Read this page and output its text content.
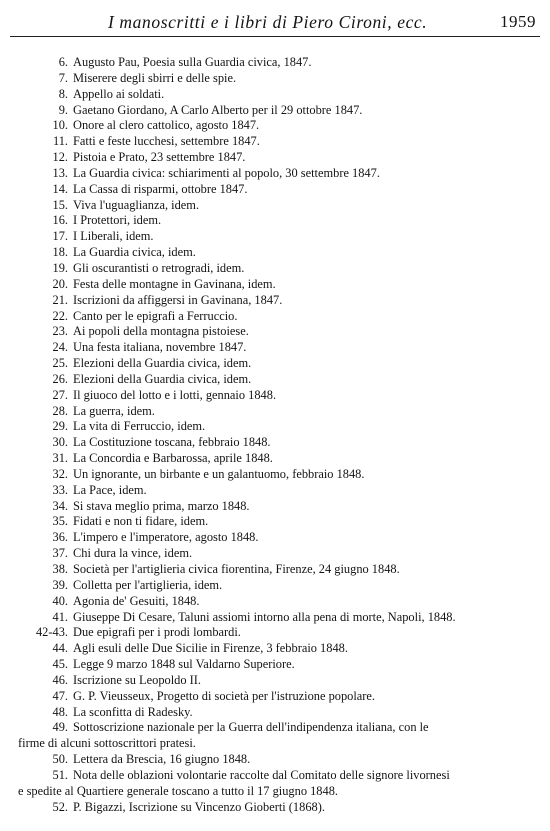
I manoscritti e i libri di Piero Cironi, ecc.	1959
6. Augusto Pau, Poesia sulla Guardia civica, 1847.
7. Miserere degli sbirri e delle spie.
8. Appello ai soldati.
9. Gaetano Giordano, A Carlo Alberto per il 29 ottobre 1847.
10. Onore al clero cattolico, agosto 1847.
11. Fatti e feste lucchesi, settembre 1847.
12. Pistoia e Prato, 23 settembre 1847.
13. La Guardia civica: schiarimenti al popolo, 30 settembre 1847.
14. La Cassa di risparmi, ottobre 1847.
15. Viva l'uguaglianza, idem.
16. I Protettori, idem.
17. I Liberali, idem.
18. La Guardia civica, idem.
19. Gli oscurantisti o retrogradi, idem.
20. Festa delle montagne in Gavinana, idem.
21. Iscrizioni da affiggersi in Gavinana, 1847.
22. Canto per le epigrafi a Ferruccio.
23. Ai popoli della montagna pistoiese.
24. Una festa italiana, novembre 1847.
25. Elezioni della Guardia civica, idem.
26. Elezioni della Guardia civica, idem.
27. Il giuoco del lotto e i lotti, gennaio 1848.
28. La guerra, idem.
29. La vita di Ferruccio, idem.
30. La Costituzione toscana, febbraio 1848.
31. La Concordia e Barbarossa, aprile 1848.
32. Un ignorante, un birbante e un galantuomo, febbraio 1848.
33. La Pace, idem.
34. Si stava meglio prima, marzo 1848.
35. Fidati e non ti fidare, idem.
36. L'impero e l'imperatore, agosto 1848.
37. Chi dura la vince, idem.
38. Società per l'artiglieria civica fiorentina, Firenze, 24 giugno 1848.
39. Colletta per l'artiglieria, idem.
40. Agonia de' Gesuiti, 1848.
41. Giuseppe Di Cesare, Taluni assiomi intorno alla pena di morte, Napoli, 1848.
42-43. Due epigrafi per i prodi lombardi.
44. Agli esuli delle Due Sicilie in Firenze, 3 febbraio 1848.
45. Legge 9 marzo 1848 sul Valdarno Superiore.
46. Iscrizione su Leopoldo II.
47. G. P. Vieusseux, Progetto di società per l'istruzione popolare.
48. La sconfitta di Radesky.
49. Sottoscrizione nazionale per la Guerra dell'indipendenza italiana, con le
firme di alcuni sottoscrittori pratesi.
50. Lettera da Brescia, 16 giugno 1848.
51. Nota delle oblazioni volontarie raccolte dal Comitato delle signore livornesi
e spedite al Quartiere generale toscano a tutto il 17 giugno 1848.
52. P. Bigazzi, Iscrizione su Vincenzo Gioberti (1868).
